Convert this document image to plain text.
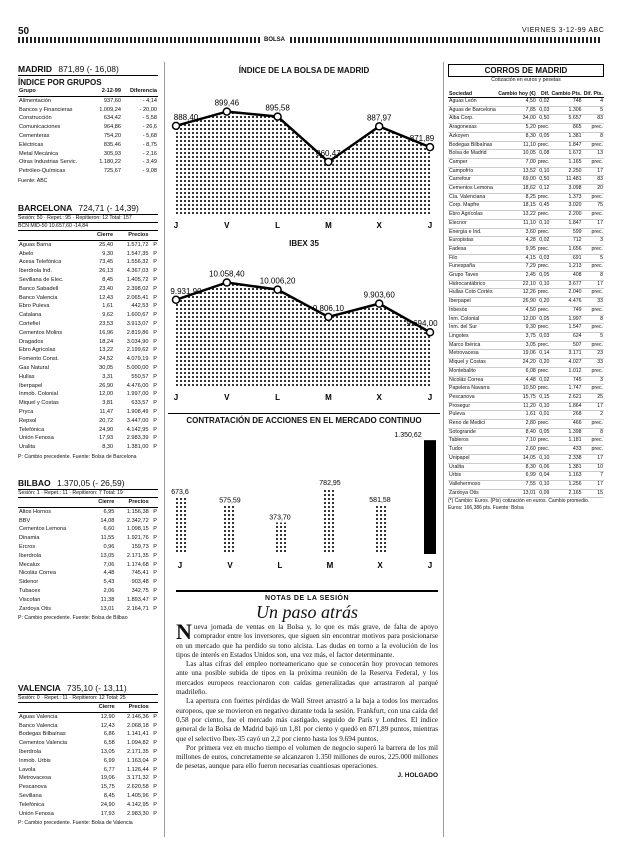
50	VIERNES 3-12-99 ABC
BOLSA
MADRID 871,89 (- 16,08)
ÍNDICE POR GRUPOS
Grupo	2-12-99	Diferencia
Alimentación	937,60	- 4,14
Bancos y Financieras	1.009,24	- 20,00
Construcción	634,42	- 5,58
Comunicaciones	964,86	- 26,6
Cementeras	754,20	- 5,68
Eléctricas	835,46	- 8,75
Metal Mecánica	305,93	- 2,16
Otras Industrias Servic.	1.180,22	- 3,49
Petróleo-Químicas	725,67	- 9,08
Fuente: ABC
BARCELONA 724,71 (- 14,39)
Sesión: 50 · Repet.: 95 · Repitieron: 12 Total: 157
BCN MID-50 10.657,60 -14,84
	Cierre	Precios	
Aguas Barna	25,40	1.571,72	P
Abelo	9,30	1.547,35	P
Acesa Telefónica	73,45	1.556,32	P
Iberdrola Ind.	26,13	4.367,03	P
Sevillana de Elec.	8,45	1.405,72	P
Banco Sabadell	23,40	2.398,02	P
Banco Valencia	12,43	2.065,41	P
Ebro Puleva	1,61	442,53	P
Catalana	9,62	1.600,67	P
Cortefiel	23,53	3.913,07	P
Cementos Molins	16,96	2.819,86	P
Dragados	18,24	3.034,90	P
Ebro Agrícolas	13,22	2.199,62	P
Fomento Const.	24,52	4.079,19	P
Gas Natural	30,05	5.000,00	P
Hullas	3,31	550,57	P
Iberpapel	26,90	4.476,00	P
Inmob. Colonial	12,00	1.997,00	P
Miquel y Costas	3,81	633,57	P
Pryca	11,47	1.908,49	P
Repsol	20,72	3.447,00	P
Telefónica	24,90	4.142,95	P
Unión Fenosa	17,93	2.983,39	P
Uralita	8,30	1.381,00	P
P: Cambio precedente. Fuente: Bolsa de Barcelona
BILBAO 1.370,05 (- 26,59)
Sesión: 1 · Repet.: 11 · Repitieron: 7 Total: 19
	Cierre	Precios	
Altos Hornos	6,95	1.156,38	P
BBV	14,08	2.342,72	P
Cementos Lemona	6,60	1.098,15	P
Dinamia	11,55	1.921,76	P
Ercros	0,96	159,73	P
Iberdrola	13,05	2.171,35	P
Mecalux	7,06	1.174,68	P
Nicolás Correa	4,48	745,41	P
Sidenor	5,43	903,48	P
Tubacex	2,06	342,75	P
Viscofan	11,38	1.893,47	P
Zardoya Otis	13,01	2.164,71	P
P: Cambio precedente. Fuente: Bolsa de Bilbao
VALENCIA 735,10 (- 13,11)
Sesión: 0 · Repet.: 11 · Repitieron: 12 Total: 25
	Cierre	Precios	
Aguas Valencia	12,90	2.146,36	P
Banco Valencia	12,43	2.068,18	P
Bodegas Bilbaínas	6,86	1.141,41	P
Cementos Valencia	6,58	1.094,82	P
Iberdrola	13,05	2.171,35	P
Inmob. Urbis	6,99	1.163,04	P
Lavola	6,77	1.126,44	P
Metrovacesa	19,06	3.171,32	P
Pescanova	15,75	2.620,58	P
Sevillana	8,45	1.405,96	P
Telefónica	24,90	4.142,95	P
Unión Fenosa	17,93	2.983,30	P
P: Cambio precedente. Fuente: Bolsa de Valencia
ÍNDICE DE LA BOLSA DE MADRID
888,40
J
899,46
V
895,58
L
860,47
M
887,97
X
871,89
J
IBEX 35
9.931,90
J
10.058,40
V
10.006,20
L
9.806,10
M
9.903,60
X
9.694,00
J
CONTRATACIÓN DE ACCIONES EN EL MERCADO CONTINUO
673,6
J
575,59
V
373,70
L
782,95
M
581,58
X
1.350,62
J
NOTAS DE LA SESIÓN
Un paso atrás
N ueva jornada de ventas en la Bolsa y, lo que es más grave, de falta de apoyo comprador entre los inversores, que siguen sin encontrar motivos para posicionarse en un mercado que ha perdido su tono alcista. Las dudas en torno a la evolución de los tipos de interés en Estados Unidos son, una vez más, el factor determinante.

Las altas cifras del empleo norteamericano que se conocerán hoy provocan temores ante una posible subida de tipos en la próxima reunión de la Reserva Federal, y los mercados europeos reaccionaron con caídas generalizadas que arrastraron al parqué madrileño.

La apertura con fuertes pérdidas de Wall Street arrastró a la baja a todos los mercados europeos, que se movieron en negativo durante toda la sesión. Frankfurt, con una caída del 0,58 por ciento, fue el mercado más castigado, seguido de París y Londres. El índice general de la Bolsa de Madrid bajó un 1,81 por ciento y quedó en 871,89 puntos, mientras que el selectivo Ibex-35 cayó un 2,2 por ciento hasta los 9.694 puntos.

Por primera vez en mucho tiempo el volumen de negocio superó la barrera de los mil millones de euros, concretamente se alcanzaron 1.350 millones de euros, 225.000 millones de pesetas, aunque para ello fueron necesarias cuantiosas operaciones.

J. HOLGADO
CORROS DE MADRID
Cotización en euros y pesetas
Sociedad	Cambio hoy (€)	Dif.	Cambio Pts.	Dif. Pts.
Aguas León	4,50	0,02	748	4
Aguas de Barcelona	7,85	0,03	1.306	5
Alba Corp.	34,00	0,50	5.657	83
Aragonesas	5,20	prec.	865	prec.
Azkoyen	8,30	0,05	1.381	8
Bodegas Bilbaínas	11,10	prec.	1.847	prec.
Bolsa de Madrid	10,05	0,08	1.672	13
Camper	7,00	prec.	1.165	prec.
Campofrío	13,52	0,10	2.250	17
Carrefour	69,00	0,50	11.481	83
Cementos Lemona	18,62	0,12	3.098	20
Cía. Valenciana	8,25	prec.	1.373	prec.
Corp. Mapfre	18,15	0,45	3.020	75
Ebro Agrícolas	13,22	prec.	2.200	prec.
Elecnor	11,10	0,10	1.847	17
Energía e Ind.	3,60	prec.	599	prec.
Europistas	4,28	0,02	712	3
Fadesa	9,95	prec.	1.656	prec.
Filo	4,15	0,03	691	5
Funespaña	7,29	prec.	1.213	prec.
Grupo Tavex	2,45	0,05	408	8
Hidrocantábrico	22,10	0,10	3.677	17
Hullas Coto Cortés	12,26	prec.	2.040	prec.
Iberpapel	26,90	0,20	4.476	33
Inbesòs	4,50	prec.	749	prec.
Inm. Colonial	12,00	0,05	1.997	8
Inm. del Sur	9,30	prec.	1.547	prec.
Lingotes	3,75	0,03	624	5
Marco Ibérica	3,05	prec.	507	prec.
Metrovacesa	19,06	0,14	3.171	23
Miquel y Costas	24,20	0,20	4.027	33
Montebalito	6,08	prec.	1.012	prec.
Nicolás Correa	4,48	0,02	745	3
Papelera Navarra	10,50	prec.	1.747	prec.
Pescanova	15,75	0,15	2.621	25
Prosegur	11,20	0,10	1.864	17
Puleva	1,61	0,01	268	2
Reno de Medici	2,80	prec.	466	prec.
Sotogrande	8,40	0,05	1.398	8
Tableros	7,10	prec.	1.181	prec.
Tudor	2,60	prec.	433	prec.
Unipapel	14,05	0,10	2.338	17
Uralita	8,30	0,06	1.381	10
Urbis	6,99	0,04	1.163	7
Vallehermoso	7,55	0,10	1.256	17
Zardoya Otis	13,01	0,09	2.165	15
(*) Cambio: Euros. (Pts) cotización en euros. Cambio promedio. Euros: 166,386 pts. Fuente: Bolsa
